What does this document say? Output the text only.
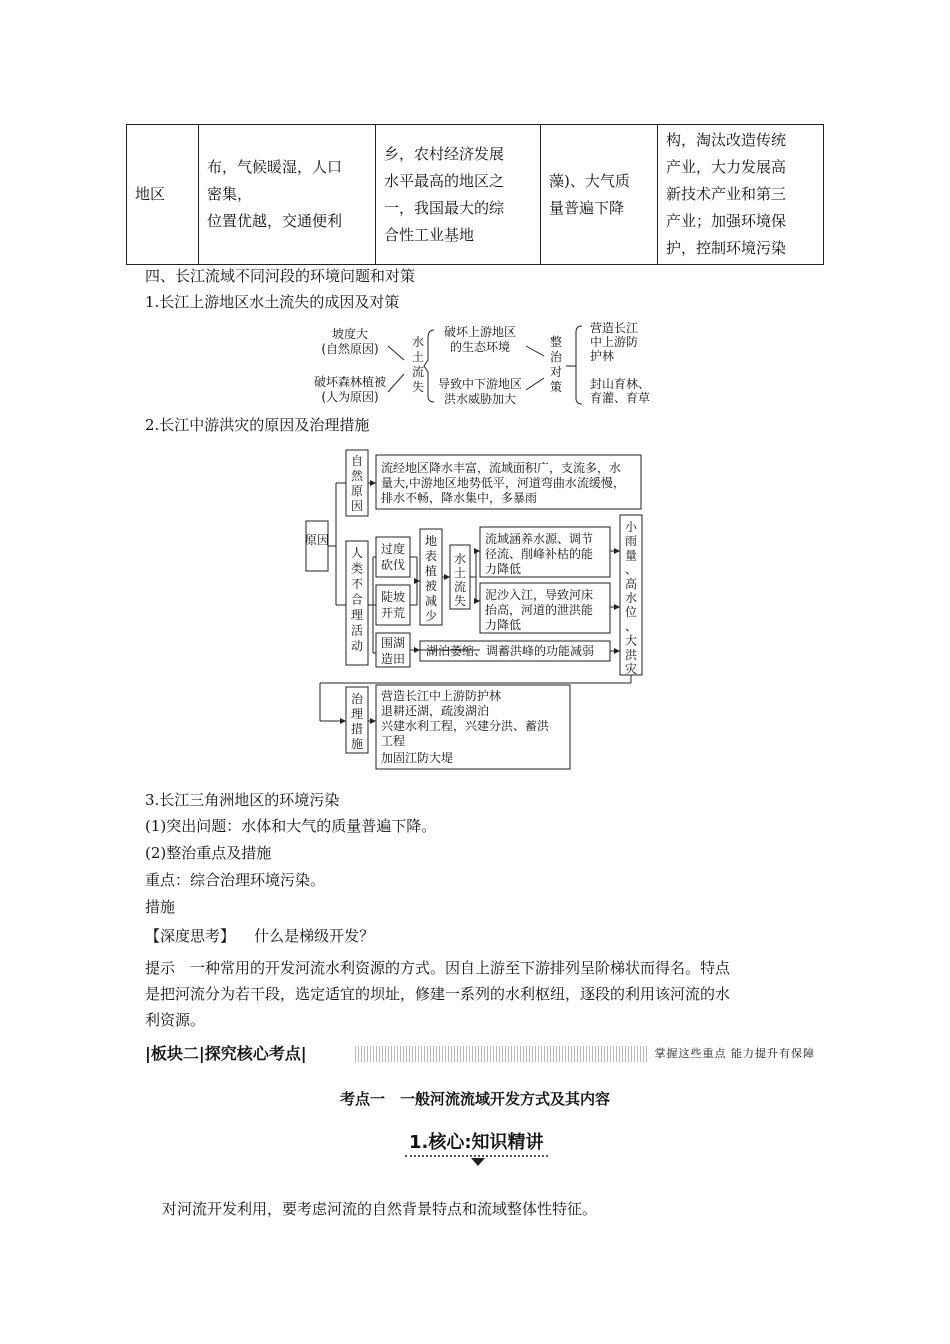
地区	
布，气候暖湿，人口
密集，
位置优越，交通便利

乡，农村经济发展
水平最高的地区之
一，我国最大的综
合性工业基地

藻)、大气质
量普遍下降

构，淘汰改造传统
产业，大力发展高
新技术产业和第三
产业；加强环境保
护，控制环境污染
四、长江流域不同河段的环境问题和对策
1.长江上游地区水土流失的成因及对策
坡度大
(自然原因)
破坏森林植被
(人为原因)
水
土
流
失
破坏上游地区
的生态环境
导致中下游地区
洪水威胁加大
整
治
对
策
营造长江
中上游防
护林
封山育林、
育灌、育草
2.长江中游洪灾的原因及治理措施
原因
流经地区降水丰富，流域面积广，支流多，水
量大,中游地区地势低平，河道弯曲水流缓慢，
排水不畅，降水集中，多暴雨
过度
砍伐
陡坡
开荒
围湖
造田
流域涵养水源、调节
径流、削峰补枯的能
力降低
泥沙入江，导致河床
抬高，河道的泄洪能
力降低
湖泊萎缩、调蓄洪峰的功能减弱
营造长江中上游防护林
退耕还湖，疏浚湖泊
兴建水利工程，兴建分洪、蓄洪
工程
加固江防大堤
自然原因
人类不合理活动
地表植被减少
水土流失
小雨量、高水位、大洪灾
治理措施
3.长江三角洲地区的环境污染
(1)突出问题：水体和大气的质量普遍下降。
(2)整治重点及措施
重点：综合治理环境污染。
措施
【深度思考】 什么是梯级开发？
提示　一种常用的开发河流水利资源的方式。因自上游至下游排列呈阶梯状而得名。特点
是把河流分为若干段，选定适宜的坝址，修建一系列的水利枢纽，逐段的利用该河流的水
利资源。
|板块二|探究核心考点|	掌握这些重点 能力提升有保障
考点一　一般河流流域开发方式及其内容
1.核心:知识精讲
对河流开发利用，要考虑河流的自然背景特点和流域整体性特征。
